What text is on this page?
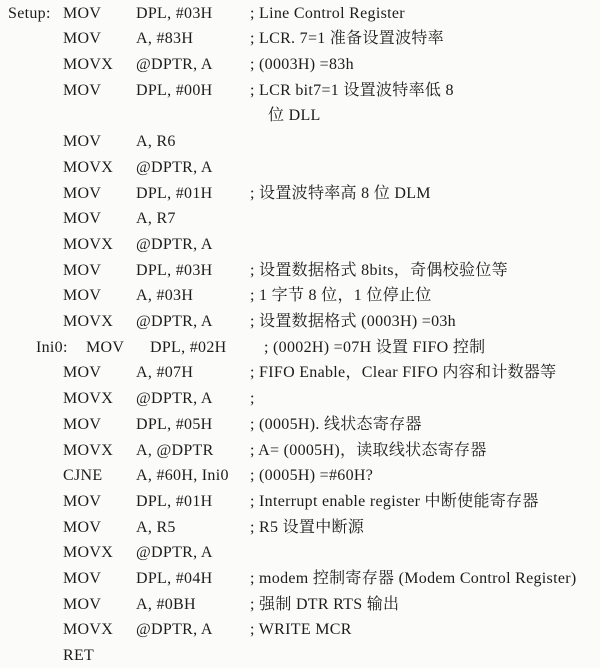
Setup: MOV DPL, #03H ; Line Control Register
MOV A, #83H	; LCR. 7=1 准备设置波特率
MOVX @DPTR, A ; (0003H) =83h
MOV DPL, #00H ; LCR bit7=1 设置波特率低 8
位 DLL
MOV A, R6
MOVX @DPTR, A
MOV DPL, #01H ; 设置波特率高 8 位 DLM
MOV A, R7
MOVX @DPTR, A
MOV DPL, #03H ; 设置数据格式 8bits，奇偶校验位等
MOV A, #03H	; 1 字节 8 位，1 位停止位
MOVX @DPTR, A ; 设置数据格式 (0003H) =03h
Ini0: MOV DPL, #02H ; (0002H) =07H 设置 FIFO 控制
MOV A, #07H	; FIFO Enable，Clear FIFO 内容和计数器等
MOVX @DPTR, A ;
MOV DPL, #05H ; (0005H). 线状态寄存器
MOVX A, @DPTR ; A= (0005H)，读取线状态寄存器
CJNE A, #60H, Ini0 ; (0005H) =#60H?
MOV DPL, #01H ; Interrupt enable register 中断使能寄存器
MOV A, R5	; R5 设置中断源
MOVX @DPTR, A
MOV DPL, #04H ; modem 控制寄存器 (Modem Control Register)
MOV A, #0BH	; 强制 DTR RTS 输出
MOVX @DPTR, A ; WRITE MCR
RET
